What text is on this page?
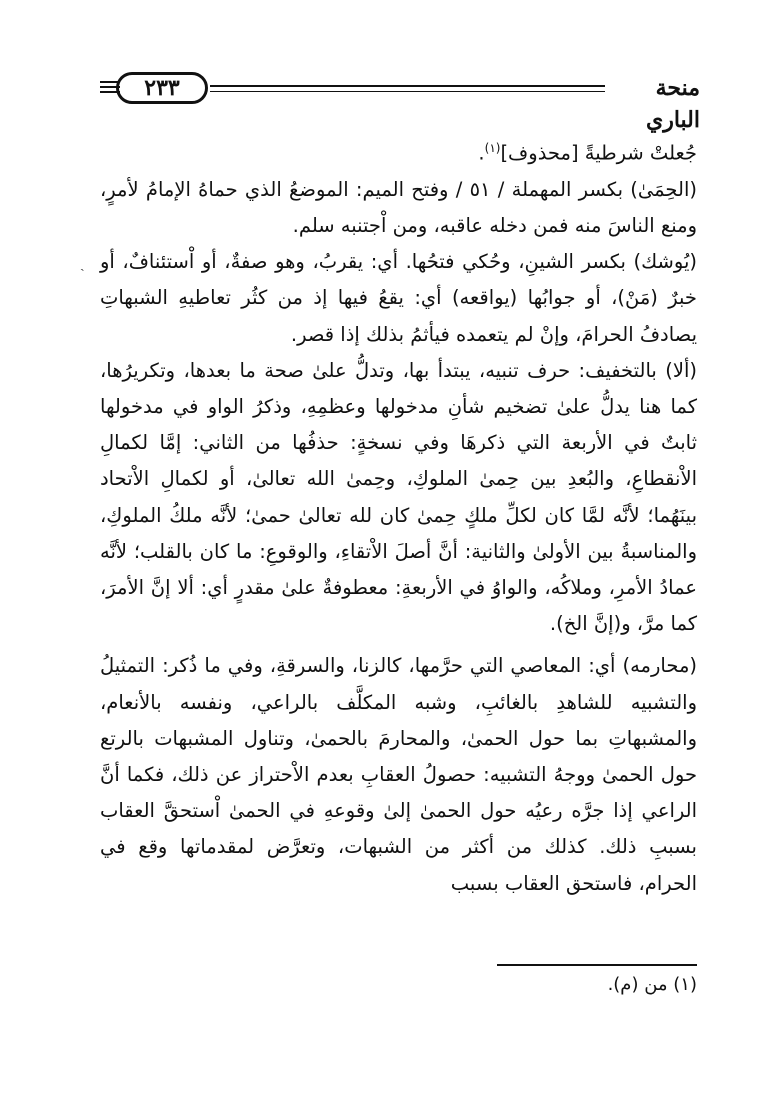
٢٣٣	منحة الباري
ˎ

جُعلتْ شرطيةً [محذوف]$^{(١)}$.

(الحِمَىٰ) بكسر المهملة / ٥١ / وفتح الميم: الموضعُ الذي حماهُ الإمامُ لأمرٍ، ومنع الناسَ منه فمن دخله عاقبه، ومن اْجتنبه سلم.

(يُوشك) بكسر الشينِ، وحُكي فتحُها. أي: يقربُ، وهو صفةٌ، أو اْستئنافٌ، أو خبرٌ (مَنْ)، أو جوابُها (يواقعه) أي: يقعُ فيها إذ من كثُر تعاطيهِ الشبهاتِ يصادفُ الحرامَ، وإنْ لم يتعمده فيأثمُ بذلك إذا قصر.

(ألا) بالتخفيف: حرف تنبيه، يبتدأ بها، وتدلُّ علىٰ صحة ما بعدها، وتكريرُها، كما هنا يدلُّ علىٰ تضخيم شأنِ مدخولها وعظمِهِ، وذكرُ الواو في مدخولها ثابتٌ في الأربعة التي ذكرهَا وفي نسخةٍ: حذفُها من الثاني: إمَّا لكمالِ الاْنقطاعِ، والبُعدِ بين حِمىٰ الملوكِ، وحِمىٰ الله تعالىٰ، أو لكمالِ الاْتحاد بينَهُما؛ لأنَّه لمَّا كان لكلِّ ملكٍ حِمىٰ كان لله تعالىٰ حمىٰ؛ لأنَّه ملكُ الملوكِ، والمناسبةُ بين الأولىٰ والثانية: أنَّ أصلَ الاْتقاءِ، والوقوعِ: ما كان بالقلب؛ لأنَّه عمادُ الأمرِ، وملاكُه، والواوُ في الأربعةِ: معطوفةٌ علىٰ مقدرٍ أي: ألا إنَّ الأمرَ، كما مرَّ، و(إنَّ الخ).

(محارمه) أي: المعاصي التي حرَّمها، كالزنا، والسرقةِ، وفي ما ذُكر: التمثيلُ والتشبيه للشاهدِ بالغائبِ، وشبه المكلَّف بالراعي، ونفسه بالأنعام، والمشبهاتِ بما حول الحمىٰ، والمحارمَ بالحمىٰ، وتناول المشبهات بالرتع حول الحمىٰ ووجهُ التشبيه: حصولُ العقابِ بعدم الاْحتراز عن ذلك، فكما أنَّ الراعي إذا جرَّه رعيُه حول الحمىٰ إلىٰ وقوعهِ في الحمىٰ اْستحقَّ العقاب بسببِ ذلك. كذلك من أكثر من الشبهات، وتعرَّض لمقدماتها وقع في الحرام، فاستحق العقاب بسبب

(١) من (م).
